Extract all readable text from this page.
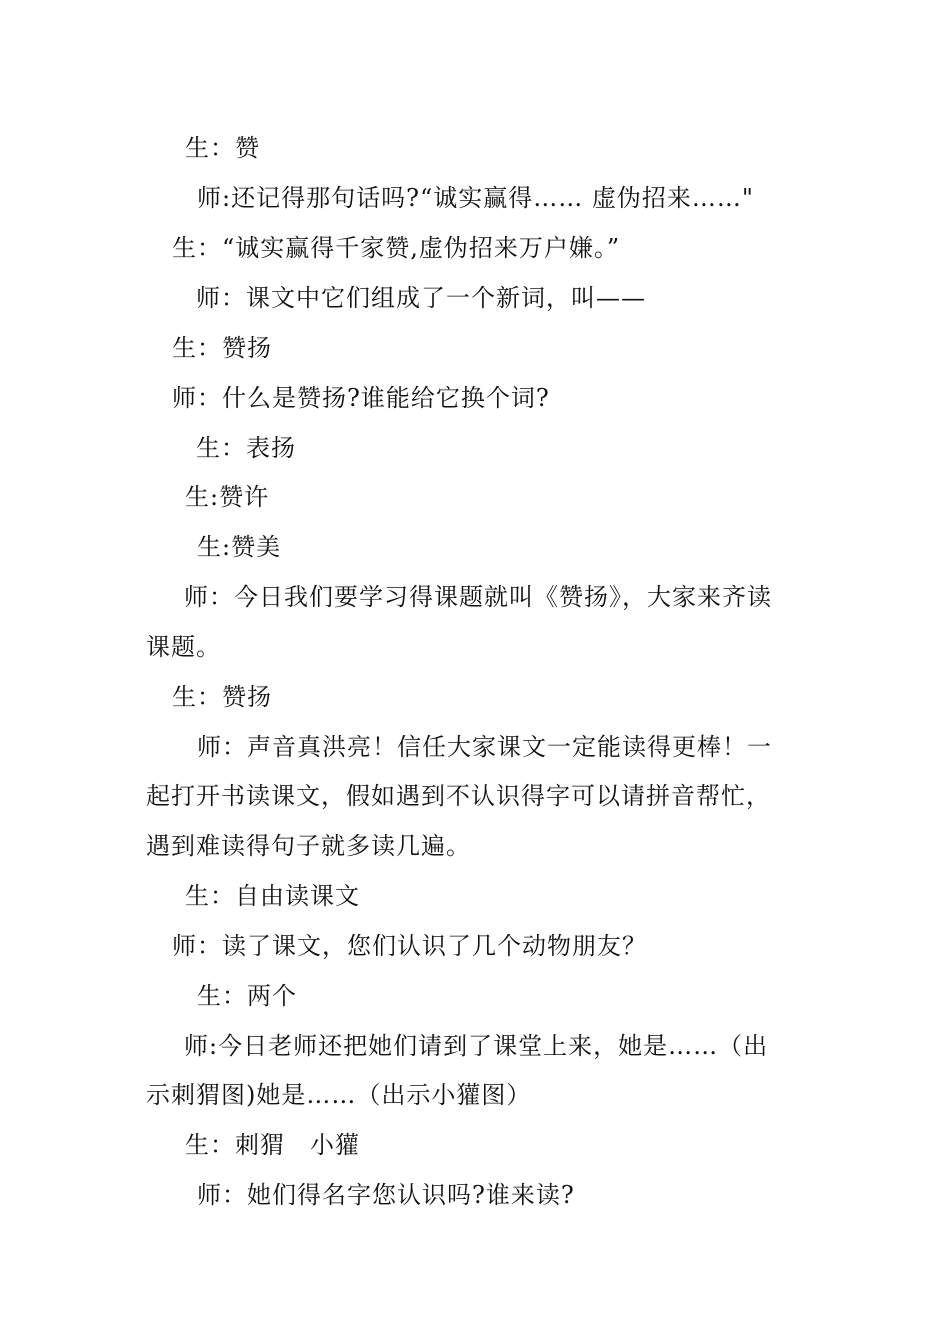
生：赞
师:还记得那句话吗?“诚实赢得…… 虚伪招来……"
生：“诚实赢得千家赞,虚伪招来万户嫌。”
师：课文中它们组成了一个新词，叫——
生：赞扬
师：什么是赞扬?谁能给它换个词?
生：表扬
生:赞许
生:赞美
师：今日我们要学习得课题就叫《赞扬》，大家来齐读
课题。
生：赞扬
师：声音真洪亮！信任大家课文一定能读得更棒！一
起打开书读课文，假如遇到不认识得字可以请拼音帮忙，
遇到难读得句子就多读几遍。
生：自由读课文
师：读了课文，您们认识了几个动物朋友？
生：两个
师:今日老师还把她们请到了课堂上来，她是……（出
示刺猬图)她是……（出示小獾图）
生：刺猬　小獾
师：她们得名字您认识吗?谁来读?
